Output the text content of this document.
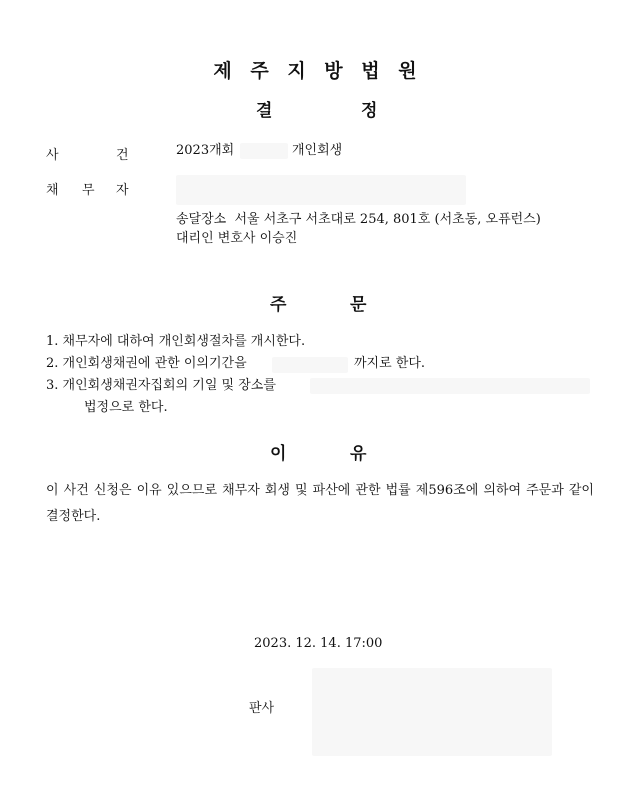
제 주 지 방 법 원
결	정
사	건	2023개회	개인회생
채 무 자
송달장소 서울 서초구 서초대로 254, 801호 (서초동, 오퓨런스)
대리인 변호사 이승진
주	문
1. 채무자에 대하여 개인회생절차를 개시한다.
2. 개인회생채권에 관한 이의기간을	까지로 한다.
3. 개인회생채권자집회의 기일 및 장소를
법정으로 한다.
이	유
이 사건 신청은 이유 있으므로 채무자 회생 및 파산에 관한 법률 제596조에 의하여 주문과 같이 결정한다.
2023. 12. 14. 17:00
판사
